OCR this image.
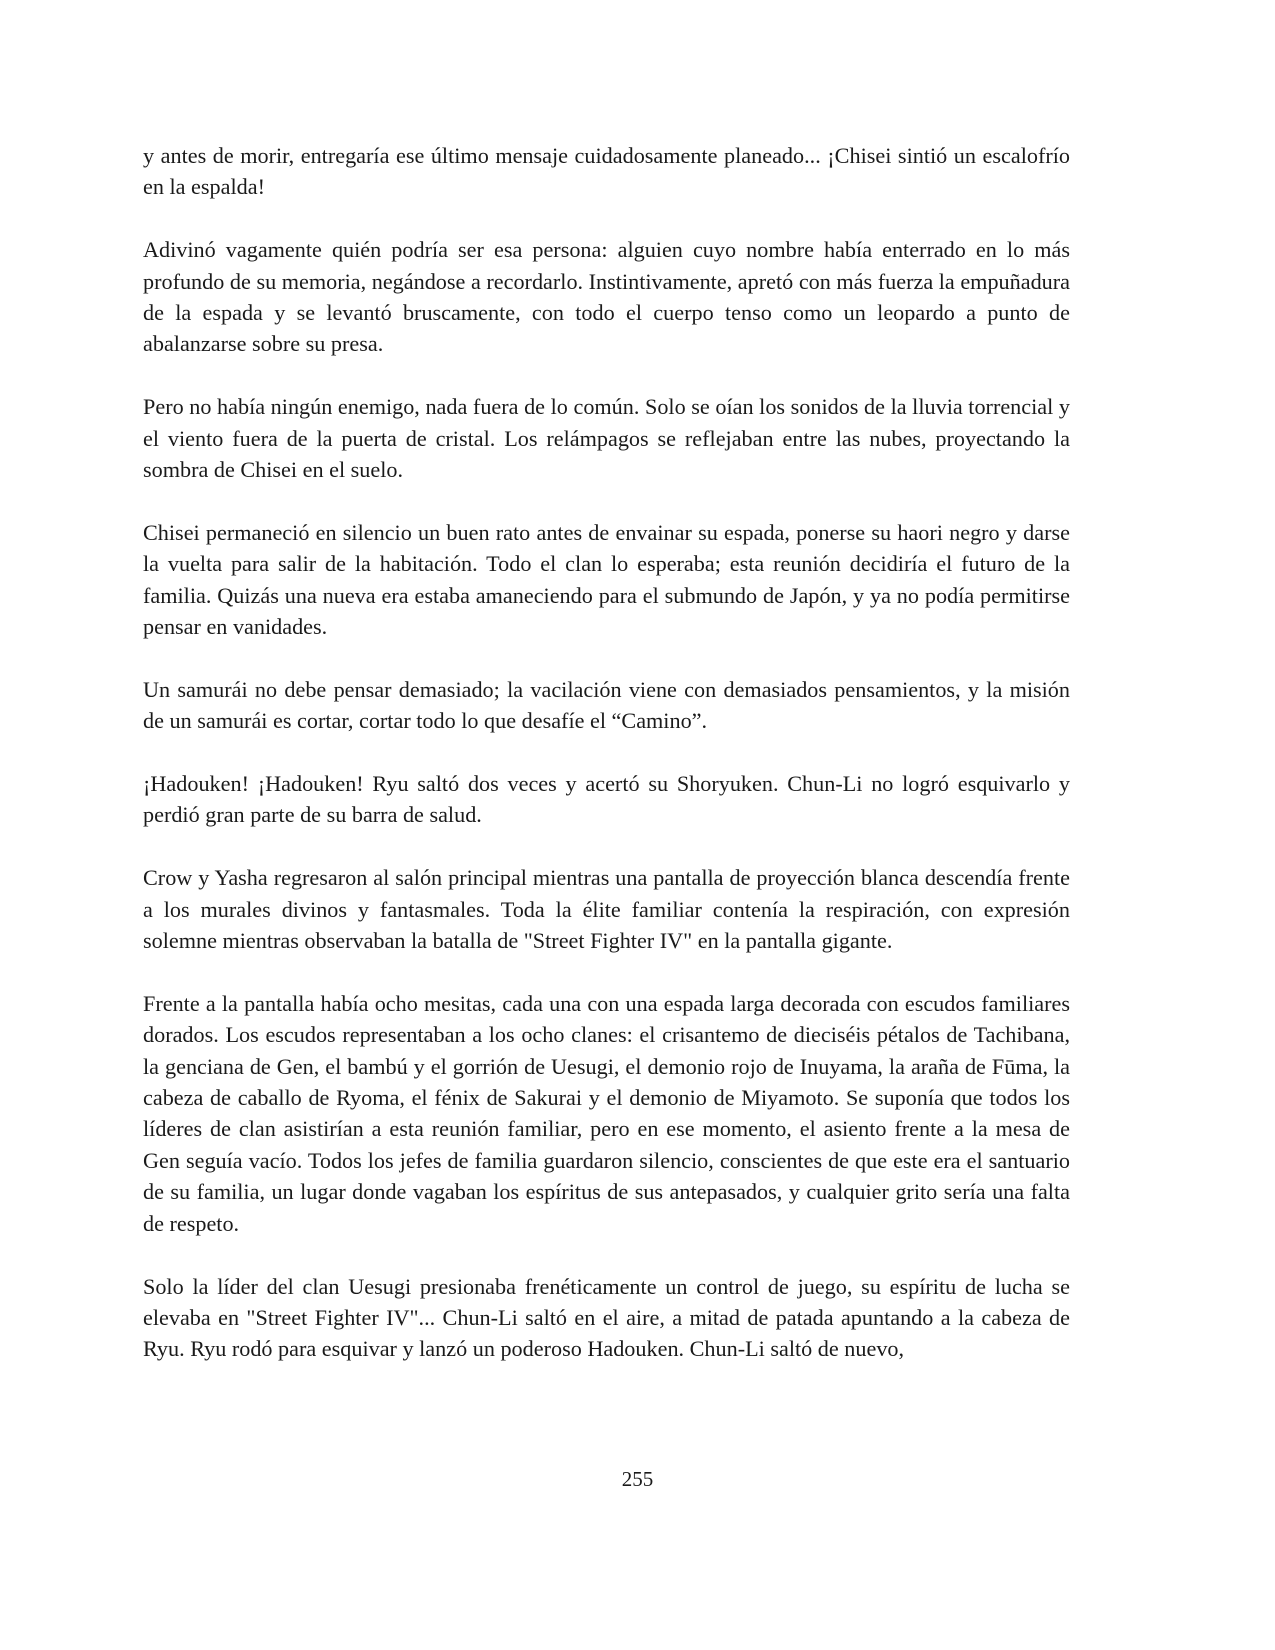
y antes de morir, entregaría ese último mensaje cuidadosamente planeado... ¡Chisei sintió un escalofrío en la espalda!

Adivinó vagamente quién podría ser esa persona: alguien cuyo nombre había enterrado en lo más profundo de su memoria, negándose a recordarlo. Instintivamente, apretó con más fuerza la empuñadura de la espada y se levantó bruscamente, con todo el cuerpo tenso como un leopardo a punto de abalanzarse sobre su presa.

Pero no había ningún enemigo, nada fuera de lo común. Solo se oían los sonidos de la lluvia torrencial y el viento fuera de la puerta de cristal. Los relámpagos se reflejaban entre las nubes, proyectando la sombra de Chisei en el suelo.

Chisei permaneció en silencio un buen rato antes de envainar su espada, ponerse su haori negro y darse la vuelta para salir de la habitación. Todo el clan lo esperaba; esta reunión decidiría el futuro de la familia. Quizás una nueva era estaba amaneciendo para el submundo de Japón, y ya no podía permitirse pensar en vanidades.

Un samurái no debe pensar demasiado; la vacilación viene con demasiados pensamientos, y la misión de un samurái es cortar, cortar todo lo que desafíe el “Camino”.

¡Hadouken! ¡Hadouken! Ryu saltó dos veces y acertó su Shoryuken. Chun-Li no logró esquivarlo y perdió gran parte de su barra de salud.

Crow y Yasha regresaron al salón principal mientras una pantalla de proyección blanca descendía frente a los murales divinos y fantasmales. Toda la élite familiar contenía la respiración, con expresión solemne mientras observaban la batalla de "Street Fighter IV" en la pantalla gigante.

Frente a la pantalla había ocho mesitas, cada una con una espada larga decorada con escudos familiares dorados. Los escudos representaban a los ocho clanes: el crisantemo de dieciséis pétalos de Tachibana, la genciana de Gen, el bambú y el gorrión de Uesugi, el demonio rojo de Inuyama, la araña de Fūma, la cabeza de caballo de Ryoma, el fénix de Sakurai y el demonio de Miyamoto. Se suponía que todos los líderes de clan asistirían a esta reunión familiar, pero en ese momento, el asiento frente a la mesa de Gen seguía vacío. Todos los jefes de familia guardaron silencio, conscientes de que este era el santuario de su familia, un lugar donde vagaban los espíritus de sus antepasados, y cualquier grito sería una falta de respeto.

Solo la líder del clan Uesugi presionaba frenéticamente un control de juego, su espíritu de lucha se elevaba en "Street Fighter IV"... Chun-Li saltó en el aire, a mitad de patada apuntando a la cabeza de Ryu. Ryu rodó para esquivar y lanzó un poderoso Hadouken. Chun-Li saltó de nuevo,

255
